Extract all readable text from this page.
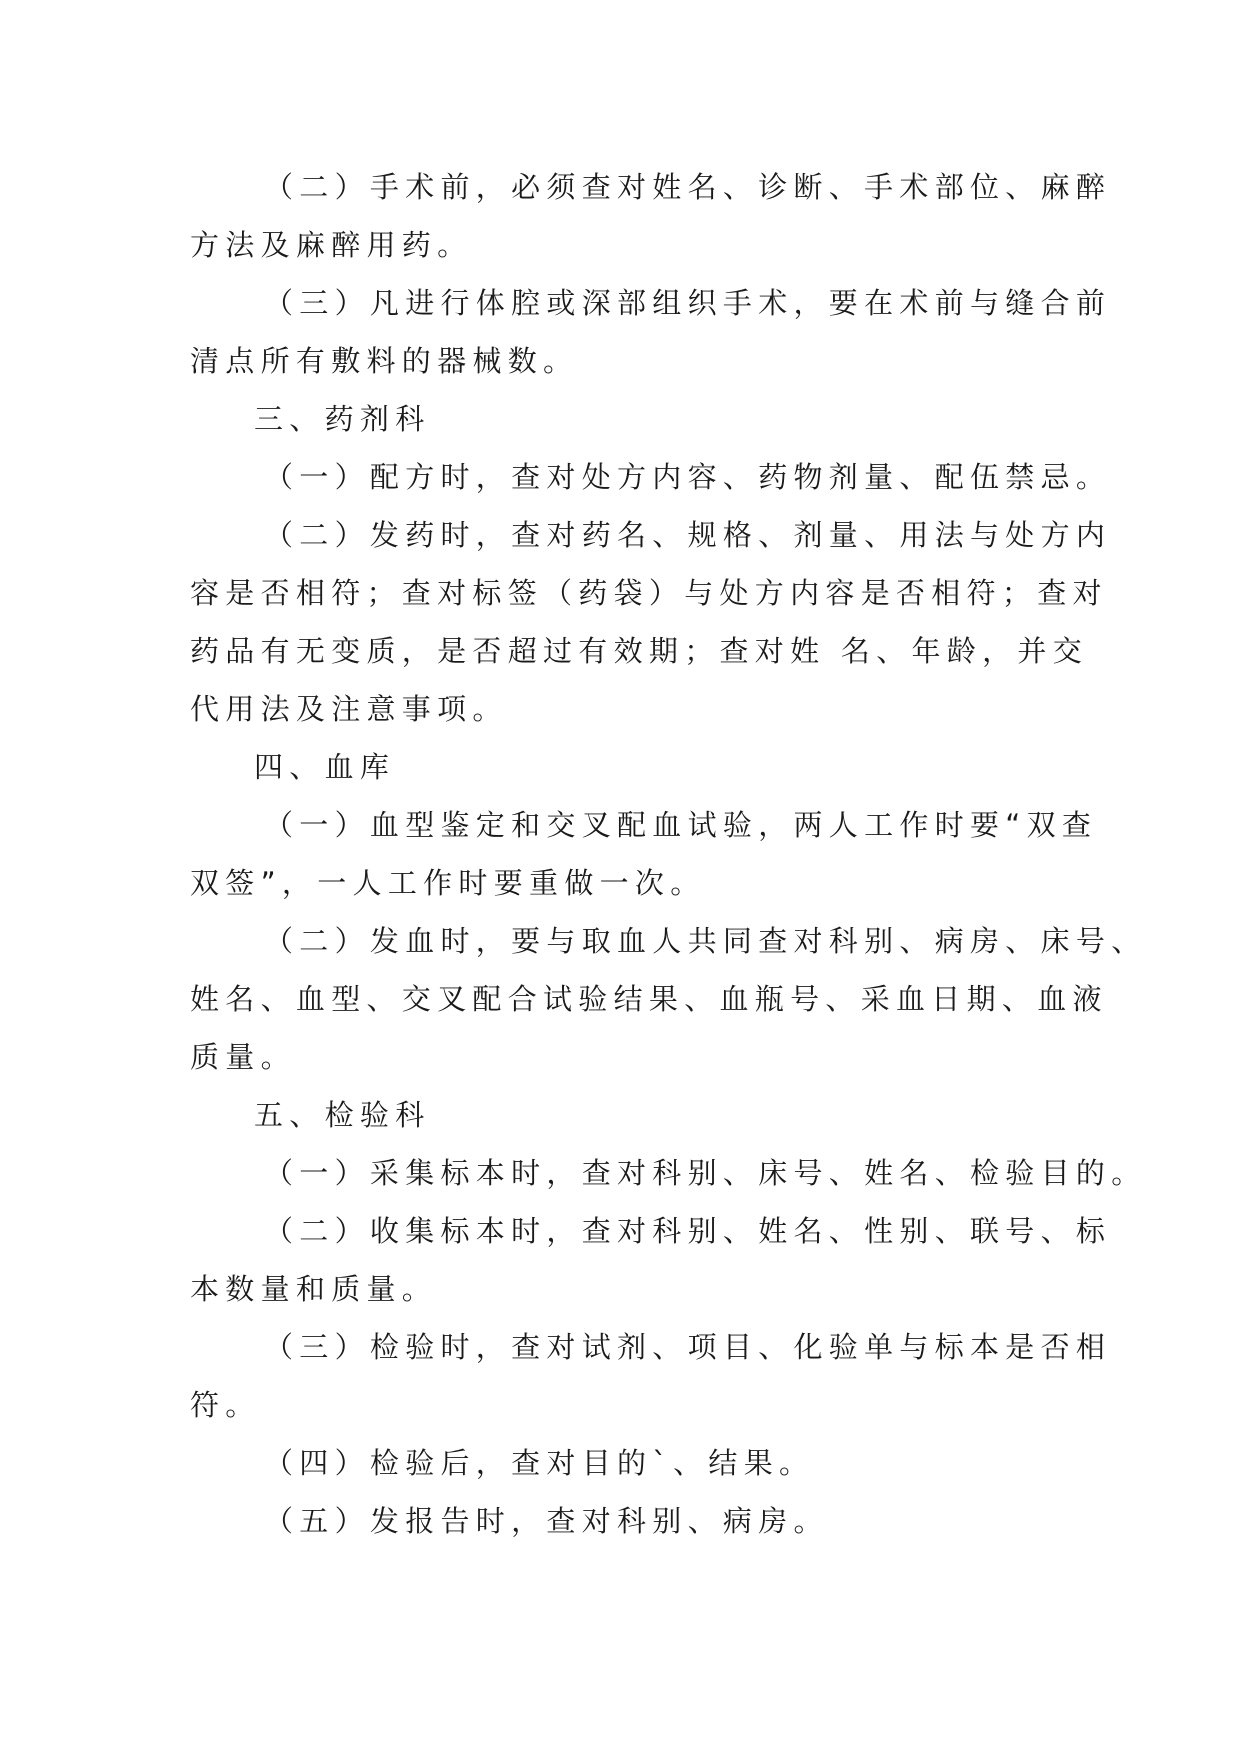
（二）手术前，必须查对姓名、诊断、手术部位、麻醉

方法及麻醉用药。

（三）凡进行体腔或深部组织手术，要在术前与缝合前

清点所有敷料的器械数。

三、药剂科

（一）配方时，查对处方内容、药物剂量、配伍禁忌。

（二）发药时，查对药名、规格、剂量、用法与处方内

容是否相符；查对标签（药袋）与处方内容是否相符；查对

药品有无变质，是否超过有效期；查对姓 名、年龄，并交

代用法及注意事项。

四、血库

（一）血型鉴定和交叉配血试验，两人工作时要“双查

双签”，一人工作时要重做一次。

（二）发血时，要与取血人共同查对科别、病房、床号、

姓名、血型、交叉配合试验结果、血瓶号、采血日期、血液

质量。

五、检验科

（一）采集标本时，查对科别、床号、姓名、检验目的。

（二）收集标本时，查对科别、姓名、性别、联号、标

本数量和质量。

（三）检验时，查对试剂、项目、化验单与标本是否相

符。

（四）检验后，查对目的`、结果。

（五）发报告时，查对科别、病房。
